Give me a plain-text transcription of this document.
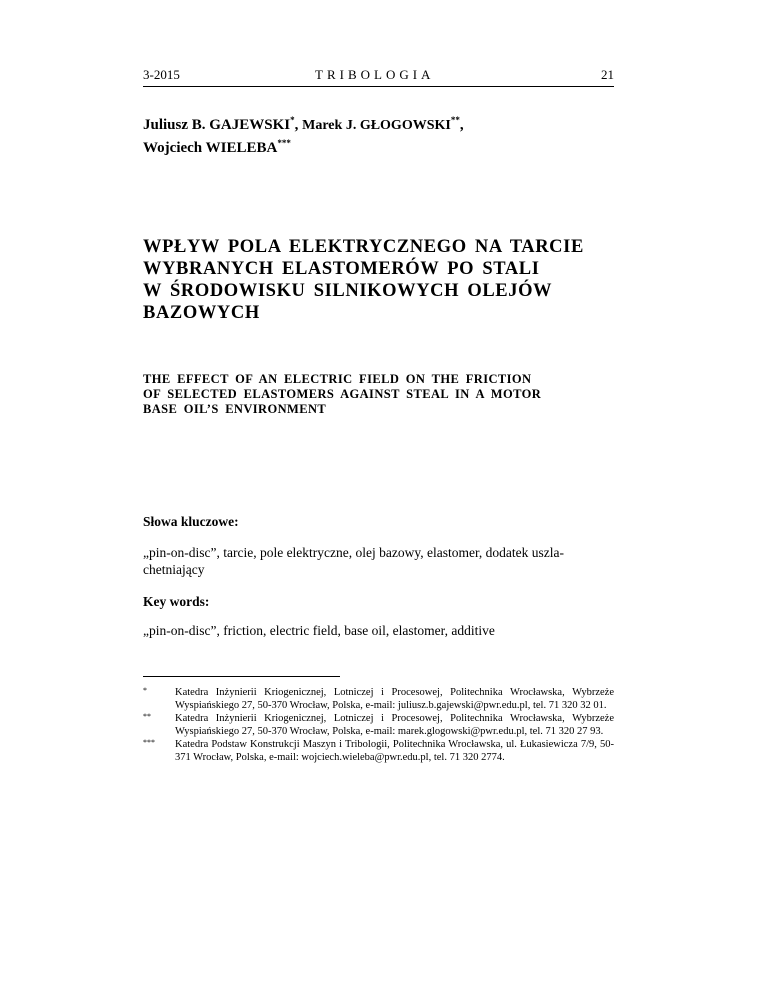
3-2015	TRIBOLOGIA	21
Juliusz B. GAJEWSKI*, Marek J. GŁOGOWSKI**,
Wojciech WIELEBA***
WPŁYW POLA ELEKTRYCZNEGO NA TARCIE
WYBRANYCH ELASTOMERÓW PO STALI
W ŚRODOWISKU SILNIKOWYCH OLEJÓW
BAZOWYCH
THE EFFECT OF AN ELECTRIC FIELD ON THE FRICTION
OF SELECTED ELASTOMERS AGAINST STEAL IN A MOTOR
BASE OIL’S ENVIRONMENT
Słowa kluczowe:
„pin-on-disc”, tarcie, pole elektryczne, olej bazowy, elastomer, dodatek uszla-
chetniający
Key words:
„pin-on-disc”, friction, electric field, base oil, elastomer, additive
*	Katedra Inżynierii Kriogenicznej, Lotniczej i Procesowej, Politechnika Wrocławska, Wybrzeże Wyspiańskiego 27, 50-370 Wrocław, Polska, e-mail: juliusz.b.gajewski@pwr.edu.pl, tel. 71 320 32 01.
** Katedra Inżynierii Kriogenicznej, Lotniczej i Procesowej, Politechnika Wrocławska, Wybrzeże Wyspiańskiego 27, 50-370 Wrocław, Polska, e-mail: marek.glogowski@pwr.edu.pl, tel. 71 320 27 93.
*** Katedra Podstaw Konstrukcji Maszyn i Tribologii, Politechnika Wrocławska, ul. Łukasiewicza 7/9, 50-371 Wrocław, Polska, e-mail: wojciech.wieleba@pwr.edu.pl, tel. 71 320 2774.
